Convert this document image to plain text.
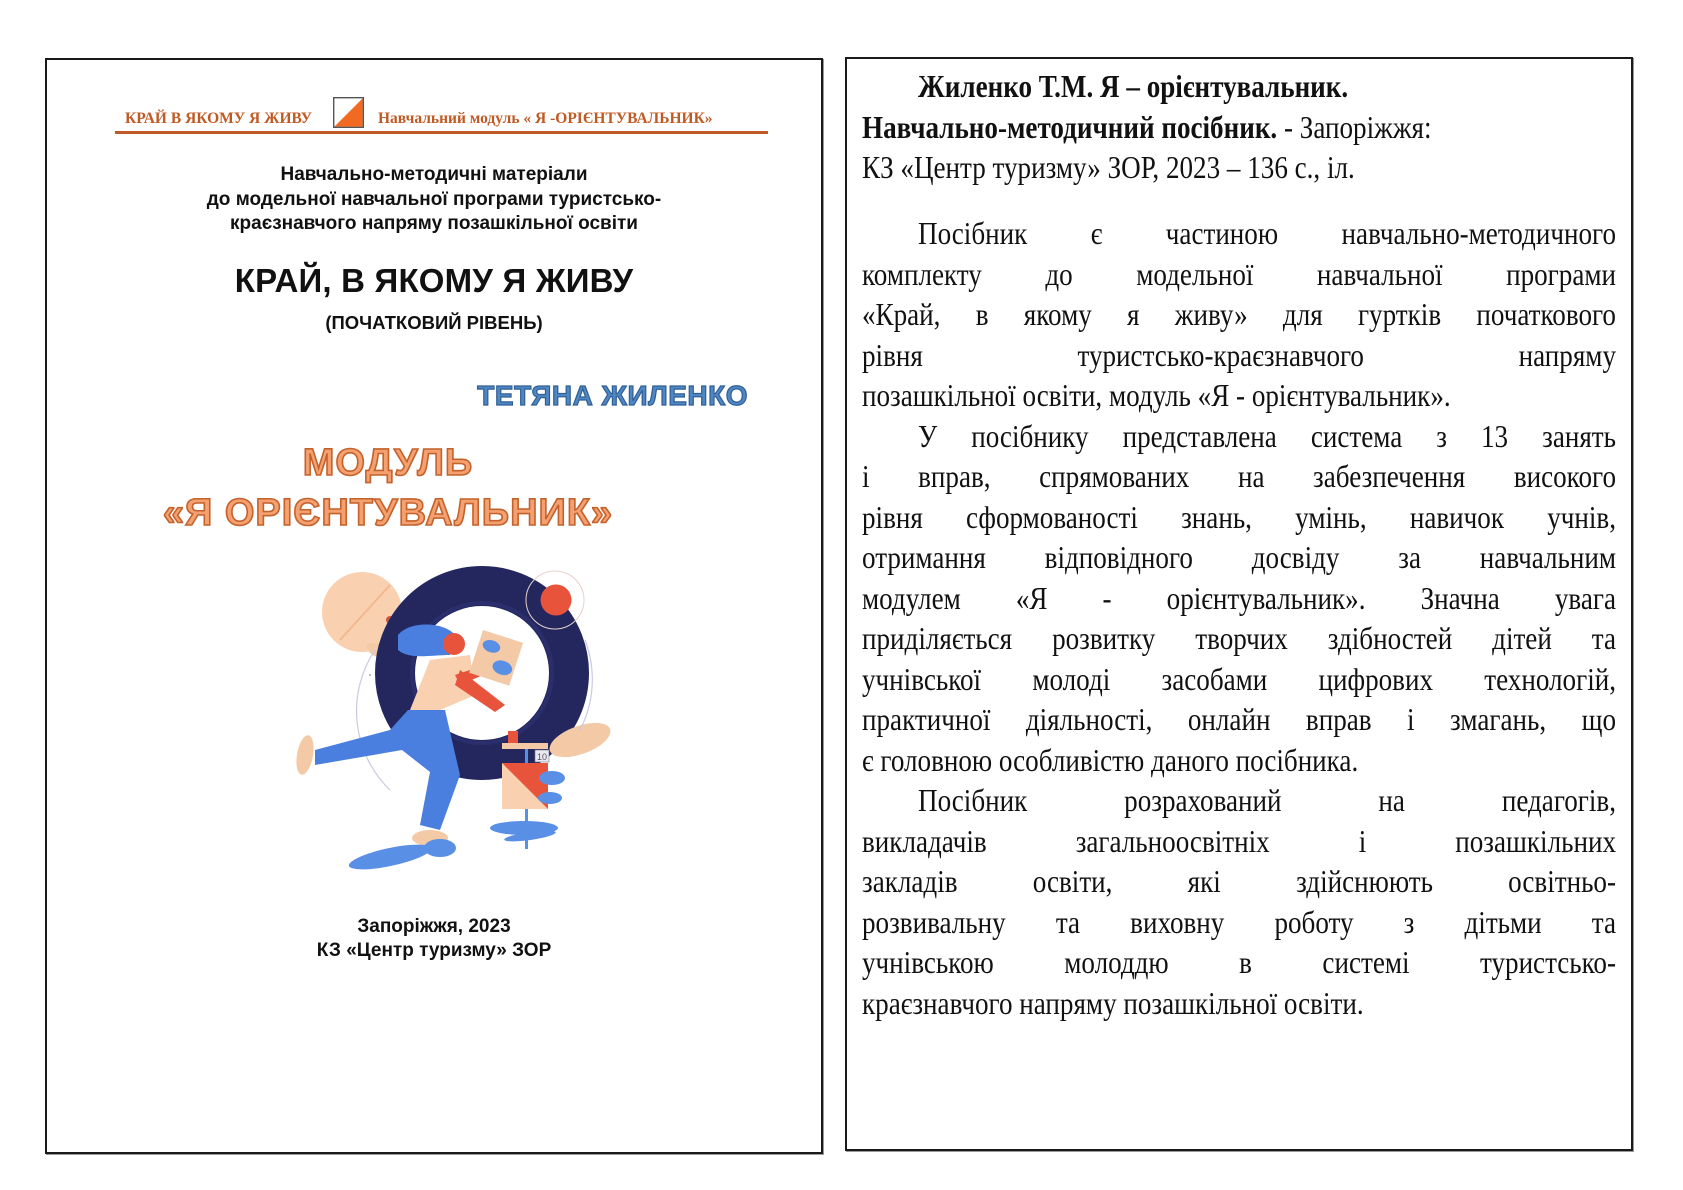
КРАЙ В ЯКОМУ Я ЖИВУ	Навчальний модуль « Я -ОРІЄНТУВАЛЬНИК»
Навчально-методичні матеріали
до модельної навчальної програми туристсько-
краєзнавчого напряму позашкільної освіти
КРАЙ, В ЯКОМУ Я ЖИВУ
(ПОЧАТКОВИЙ РІВЕНЬ)
ТЕТЯНА ЖИЛЕНКО
МОДУЛЬ
«Я ОРІЄНТУВАЛЬНИК»
10
Запоріжжя, 2023
КЗ «Центр туризму» ЗОР
Жиленко Т.М. Я – орієнтувальник.
Навчально-методичний посібник. - Запоріжжя:
КЗ «Центр туризму» ЗОР, 2023 – 136 с., іл.
Посібник є частиною навчально-методичного
комплекту до модельної навчальної програми
«Край, в якому я живу» для гуртків початкового
рівня туристсько-краєзнавчого напряму
позашкільної освіти, модуль «Я - орієнтувальник».
У посібнику представлена система з 13 занять
і вправ, спрямованих на забезпечення високого
рівня сформованості знань, умінь, навичок учнів,
отримання відповідного досвіду за навчальним
модулем «Я - орієнтувальник». Значна увага
приділяється розвитку творчих здібностей дітей та
учнівської молоді засобами цифрових технологій,
практичної діяльності, онлайн вправ і змагань, що
є головною особливістю даного посібника.
Посібник розрахований на педагогів,
викладачів загальноосвітніх і позашкільних
закладів освіти, які здійснюють освітньо-
розвивальну та виховну роботу з дітьми та
учнівською молоддю в системі туристсько-
краєзнавчого напряму позашкільної освіти.
